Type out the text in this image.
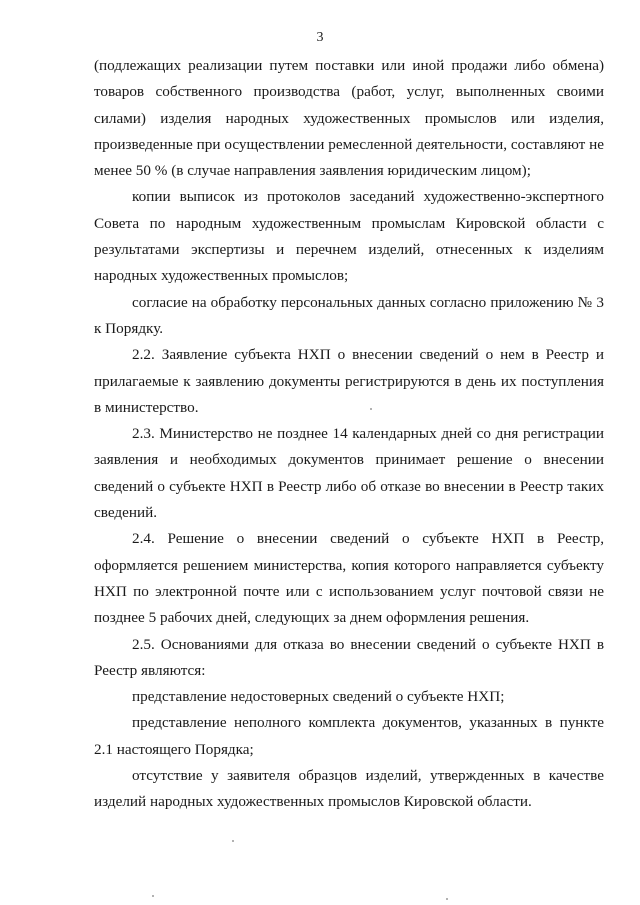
3

(подлежащих реализации путем поставки или иной продажи либо обмена) товаров собственного производства (работ, услуг, выполненных своими силами) изделия народных художественных промыслов или изделия, произведенные при осуществлении ремесленной деятельности, составляют не менее 50 % (в случае направления заявления юридическим лицом);

копии выписок из протоколов заседаний художественно-экспертного Совета по народным художественным промыслам Кировской области с результатами экспертизы и перечнем изделий, отнесенных к изделиям народных художественных промыслов;

согласие на обработку персональных данных согласно приложению № 3 к Порядку.

2.2. Заявление субъекта НХП о внесении сведений о нем в Реестр и прилагаемые к заявлению документы регистрируются в день их поступления в министерство.

2.3. Министерство не позднее 14 календарных дней со дня регистрации заявления и необходимых документов принимает решение о внесении сведений о субъекте НХП в Реестр либо об отказе во внесении в Реестр таких сведений.

2.4. Решение о внесении сведений о субъекте НХП в Реестр, оформляется решением министерства, копия которого направляется субъекту НХП по электронной почте или с использованием услуг почтовой связи не позднее 5 рабочих дней, следующих за днем оформления решения.

2.5. Основаниями для отказа во внесении сведений о субъекте НХП в Реестр являются:

представление недостоверных сведений о субъекте НХП;

представление неполного комплекта документов, указанных в пункте 2.1 настоящего Порядка;

отсутствие у заявителя образцов изделий, утвержденных в качестве изделий народных художественных промыслов Кировской области.
